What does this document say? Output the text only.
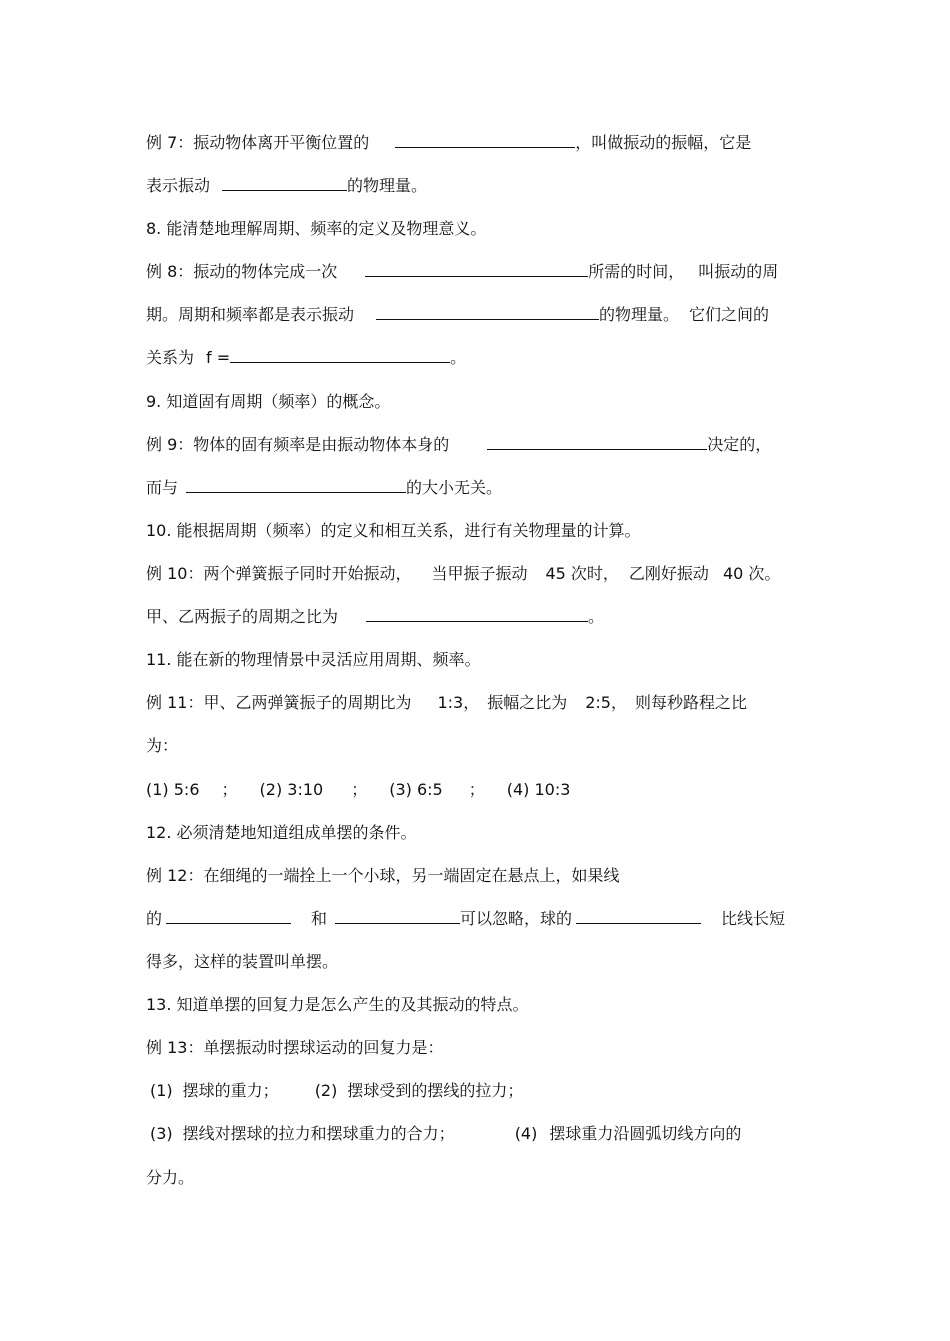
例 7：振动物体离开平衡位置的	，叫做振动的振幅，它是
表示振动	的物理量。
8. 能清楚地理解周期、频率的定义及物理意义。
例 8：振动的物体完成一次	所需的时间， 叫振动的周
期。周期和频率都是表示振动	的物理量。 它们之间的
关系为 f =	。
9. 知道固有周期（频率）的概念。
例 9：物体的固有频率是由振动物体本身的	决定的，
而与	的大小无关。
10. 能根据周期（频率）的定义和相互关系，进行有关物理量的计算。
例 10：两个弹簧振子同时开始振动， 当甲振子振动 45 次时， 乙刚好振动 40 次。
甲、乙两振子的周期之比为	。
11. 能在新的物理情景中灵活应用周期、频率。
例 11：甲、乙两弹簧振子的周期比为 1:3， 振幅之比为 2:5， 则每秒路程之比
为：
(1) 5:6 ； (2) 3:10 ； (3) 6:5 ； (4) 10:3
12. 必须清楚地知道组成单摆的条件。
例 12：在细绳的一端拴上一个小球，另一端固定在悬点上，如果线
的	和	可以忽略，球的	比线长短
得多，这样的装置叫单摆。
13. 知道单摆的回复力是怎么产生的及其振动的特点。
例 13：单摆振动时摆球运动的回复力是：
(1) 摆球的重力； (2) 摆球受到的摆线的拉力；
(3) 摆线对摆球的拉力和摆球重力的合力；	(4) 摆球重力沿圆弧切线方向的
分力。
